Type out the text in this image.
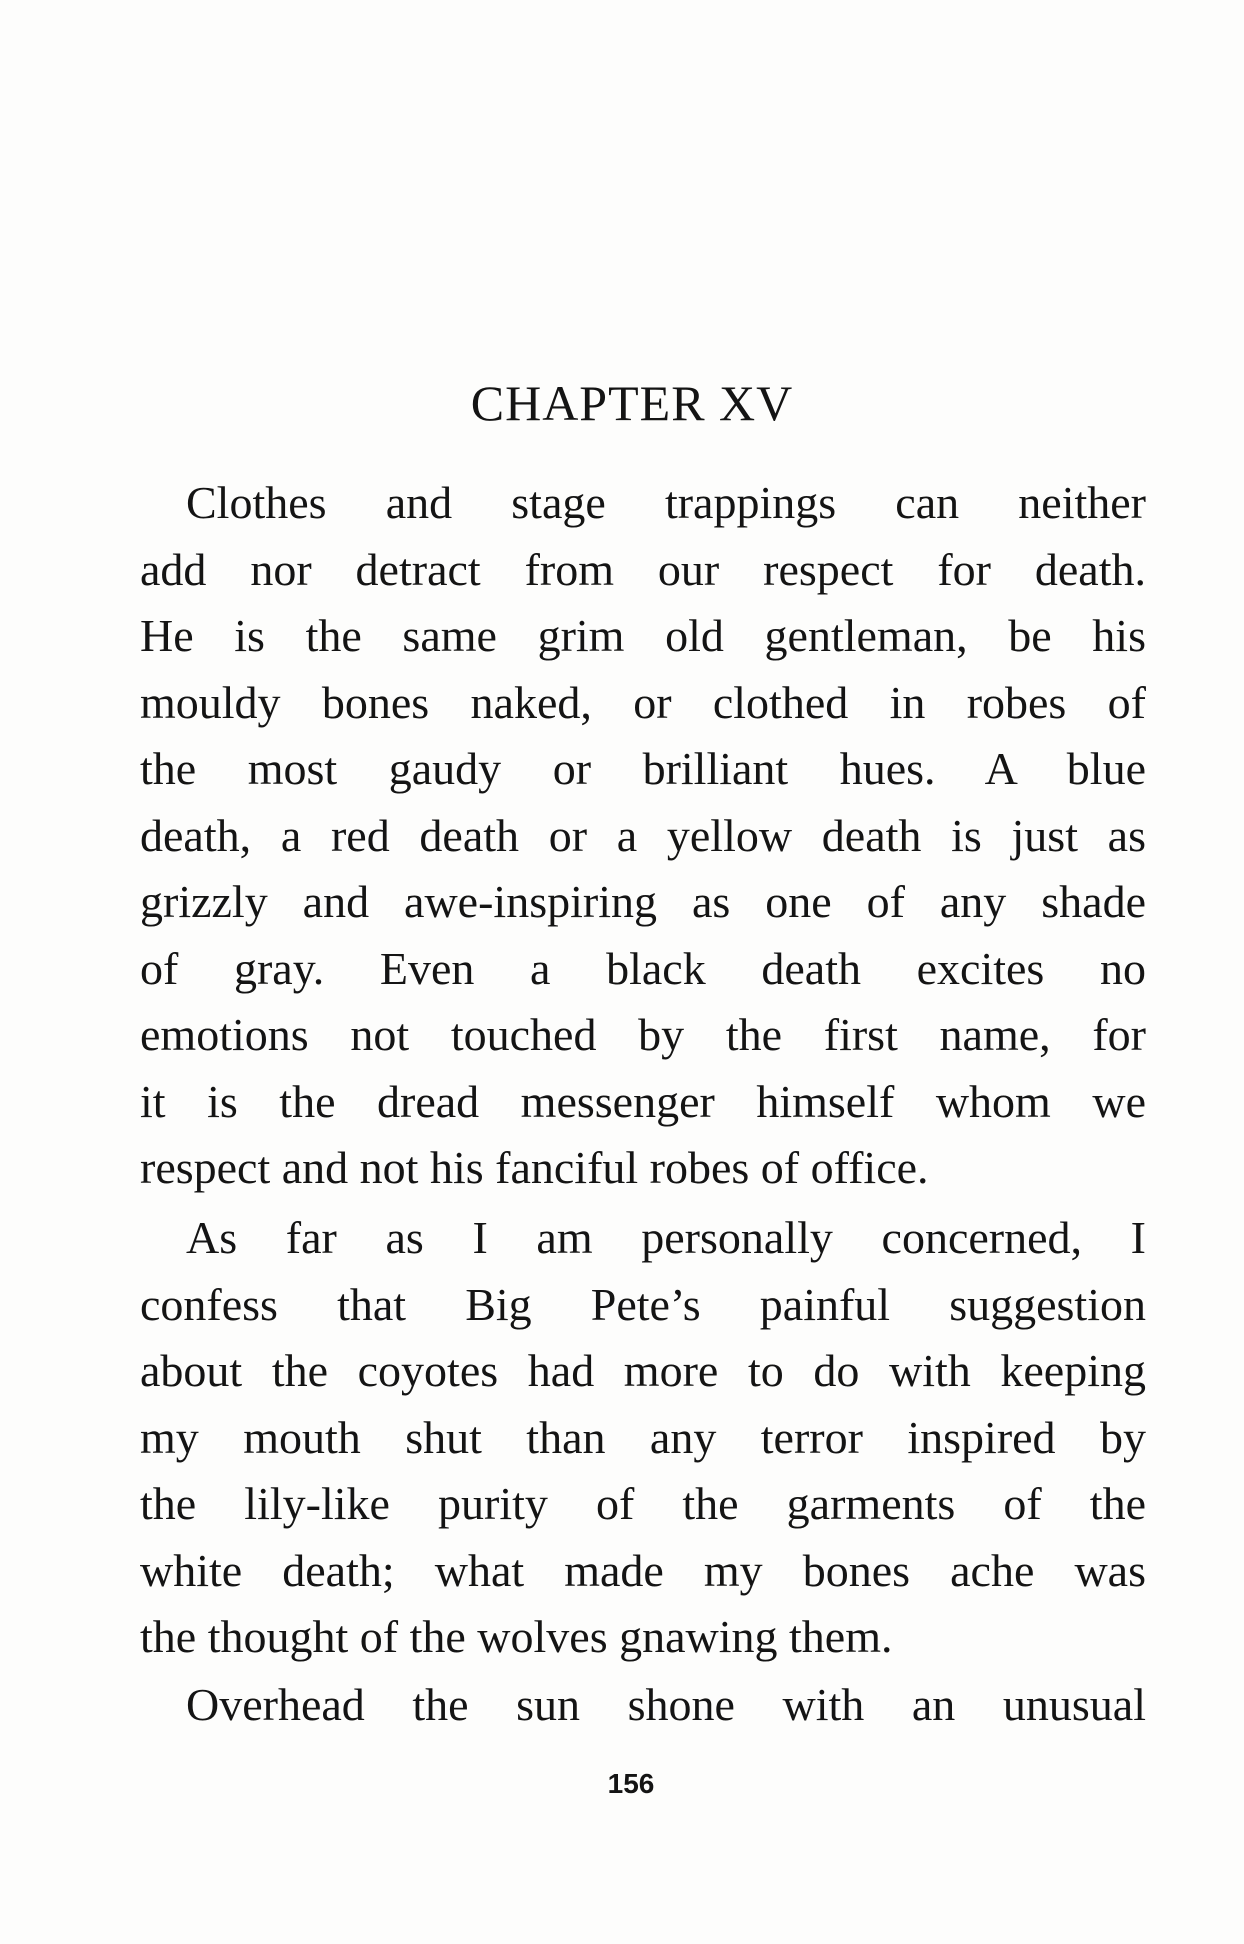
CHAPTER XV
Clothes and stage trappings can neither
add nor detract from our respect for death.
He is the same grim old gentleman, be his
mouldy bones naked, or clothed in robes of
the most gaudy or brilliant hues. A blue
death, a red death or a yellow death is just as
grizzly and awe-inspiring as one of any shade
of gray. Even a black death excites no
emotions not touched by the first name, for
it is the dread messenger himself whom we
respect and not his fanciful robes of office.
As far as I am personally concerned, I
confess that Big Pete’s painful suggestion
about the coyotes had more to do with keeping
my mouth shut than any terror inspired by
the lily-like purity of the garments of the
white death; what made my bones ache was
the thought of the wolves gnawing them.
Overhead the sun shone with an unusual
156
